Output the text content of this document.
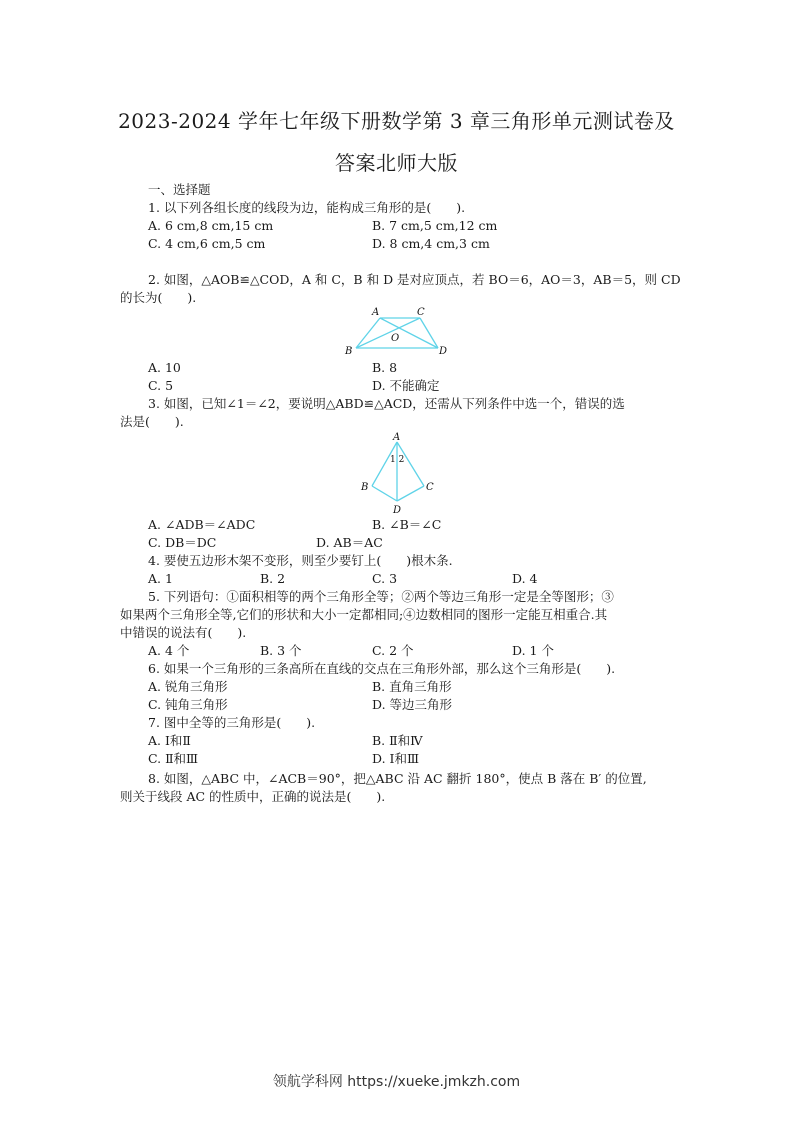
2023-2024 学年七年级下册数学第 3 章三角形单元测试卷及
答案北师大版
一、选择题
1. 以下列各组长度的线段为边，能构成三角形的是(　　).
A. 6 cm,8 cm,15 cm	B. 7 cm,5 cm,12 cm
C. 4 cm,6 cm,5 cm	D. 8 cm,4 cm,3 cm
2. 如图，△AOB≌△COD，A 和 C，B 和 D 是对应顶点，若 BO＝6，AO＝3，AB＝5，则 CD
的长为(　　).
A	C
O
B	D
A. 10	B. 8
C. 5	D. 不能确定
3. 如图，已知∠1＝∠2，要说明△ABD≌△ACD，还需从下列条件中选一个，错误的选
法是(　　).
A
1 2
B	C
D
A. ∠ADB＝∠ADC	B. ∠B＝∠C
C. DB＝DC	D. AB＝AC
4. 要使五边形木架不变形，则至少要钉上(　　)根木条.
A. 1	B. 2	C. 3	D. 4
5. 下列语句：①面积相等的两个三角形全等；②两个等边三角形一定是全等图形；③
如果两个三角形全等,它们的形状和大小一定都相同;④边数相同的图形一定能互相重合.其
中错误的说法有(　　).
A. 4 个	B. 3 个	C. 2 个	D. 1 个
6. 如果一个三角形的三条高所在直线的交点在三角形外部，那么这个三角形是(　　).
A. 锐角三角形	B. 直角三角形
C. 钝角三角形	D. 等边三角形
7. 图中全等的三角形是(　　).
A. Ⅰ和Ⅱ	B. Ⅱ和Ⅳ
C. Ⅱ和Ⅲ	D. Ⅰ和Ⅲ
8. 如图，△ABC 中，∠ACB＝90°，把△ABC 沿 AC 翻折 180°，使点 B 落在 B′ 的位置,
则关于线段 AC 的性质中，正确的说法是(　　).
领航学科网 https://xueke.jmkzh.com
